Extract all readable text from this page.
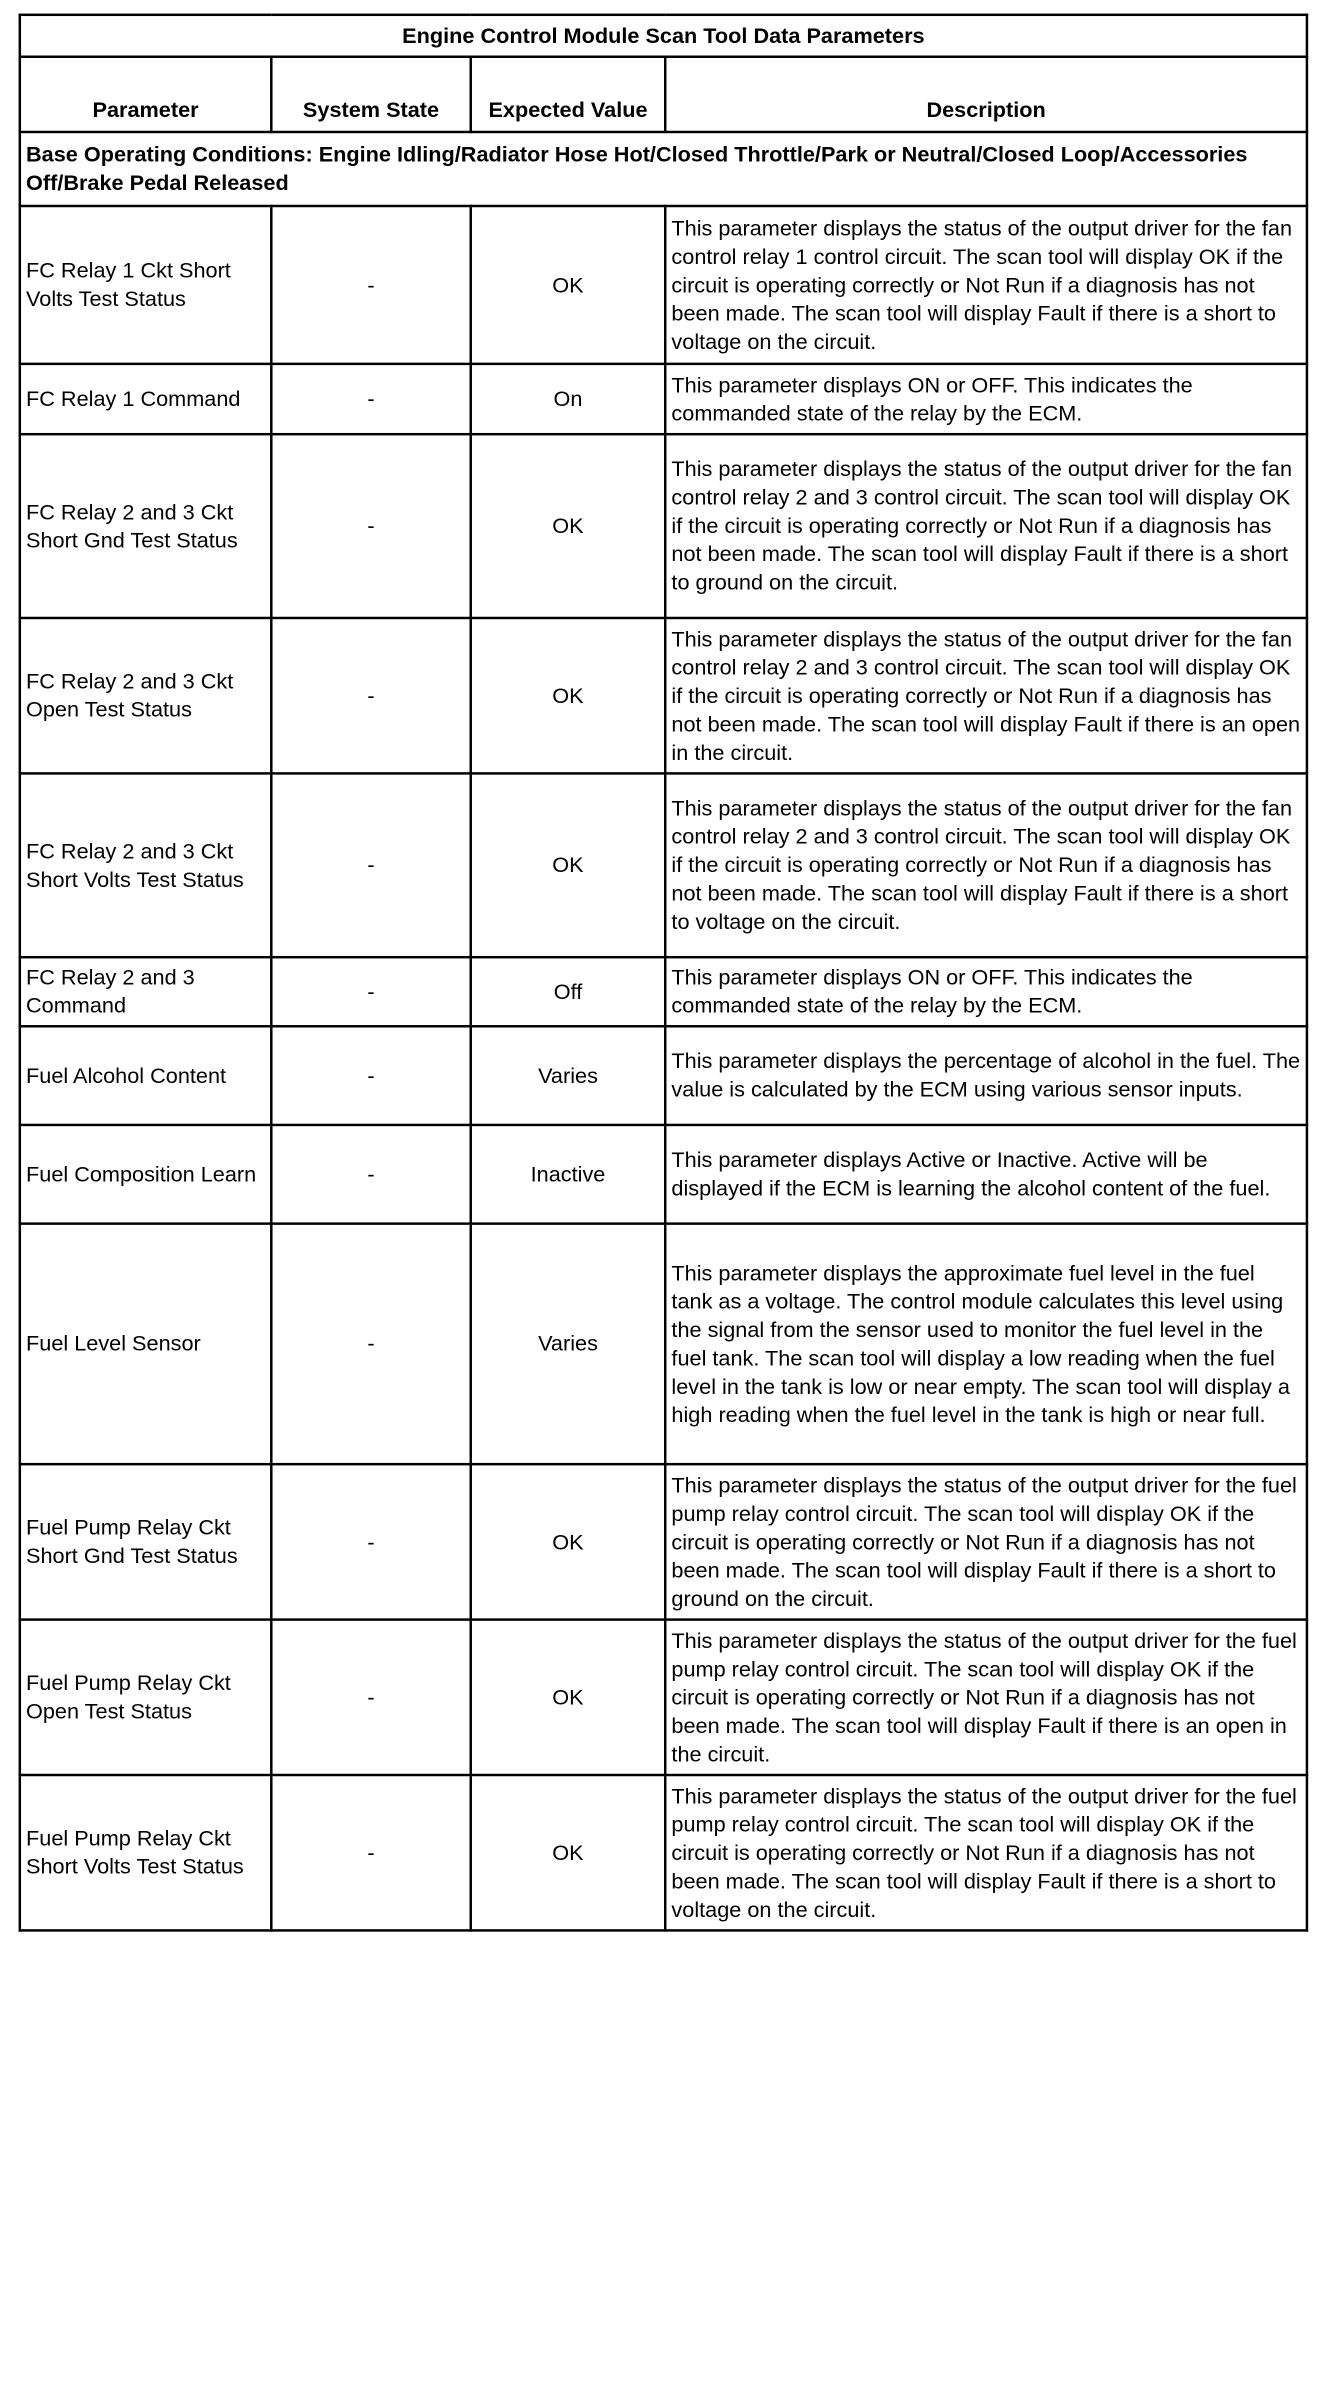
Engine Control Module Scan Tool Data Parameters			
Parameter	System State	Expected Value	Description
Base Operating Conditions: Engine Idling/Radiator Hose Hot/Closed Throttle/Park or Neutral/Closed Loop/Accessories Off/Brake Pedal Released			
FC Relay 1 Ckt Short Volts Test Status	-	OK	This parameter displays the status of the output driver for the fan control relay 1 control circuit. The scan tool will display OK if the circuit is operating correctly or Not Run if a diagnosis has not been made. The scan tool will display Fault if there is a short to voltage on the circuit.
FC Relay 1 Command	-	On	This parameter displays ON or OFF. This indicates the commanded state of the relay by the ECM.
FC Relay 2 and 3 Ckt Short Gnd Test Status	-	OK	This parameter displays the status of the output driver for the fan control relay 2 and 3 control circuit. The scan tool will display OK if the circuit is operating correctly or Not Run if a diagnosis has not been made. The scan tool will display Fault if there is a short to ground on the circuit.
FC Relay 2 and 3 Ckt Open Test Status	-	OK	This parameter displays the status of the output driver for the fan control relay 2 and 3 control circuit. The scan tool will display OK if the circuit is operating correctly or Not Run if a diagnosis has not been made. The scan tool will display Fault if there is an open in the circuit.
FC Relay 2 and 3 Ckt Short Volts Test Status	-	OK	This parameter displays the status of the output driver for the fan control relay 2 and 3 control circuit. The scan tool will display OK if the circuit is operating correctly or Not Run if a diagnosis has not been made. The scan tool will display Fault if there is a short to voltage on the circuit.
FC Relay 2 and 3 Command	-	Off	This parameter displays ON or OFF. This indicates the commanded state of the relay by the ECM.
Fuel Alcohol Content	-	Varies	This parameter displays the percentage of alcohol in the fuel. The value is calculated by the ECM using various sensor inputs.
Fuel Composition Learn	-	Inactive	This parameter displays Active or Inactive. Active will be displayed if the ECM is learning the alcohol content of the fuel.
Fuel Level Sensor	-	Varies	This parameter displays the approximate fuel level in the fuel tank as a voltage. The control module calculates this level using the signal from the sensor used to monitor the fuel level in the fuel tank. The scan tool will display a low reading when the fuel level in the tank is low or near empty. The scan tool will display a high reading when the fuel level in the tank is high or near full.
Fuel Pump Relay Ckt Short Gnd Test Status	-	OK	This parameter displays the status of the output driver for the fuel pump relay control circuit. The scan tool will display OK if the circuit is operating correctly or Not Run if a diagnosis has not been made. The scan tool will display Fault if there is a short to ground on the circuit.
Fuel Pump Relay Ckt Open Test Status	-	OK	This parameter displays the status of the output driver for the fuel pump relay control circuit. The scan tool will display OK if the circuit is operating correctly or Not Run if a diagnosis has not been made. The scan tool will display Fault if there is an open in the circuit.
Fuel Pump Relay Ckt Short Volts Test Status	-	OK	This parameter displays the status of the output driver for the fuel pump relay control circuit. The scan tool will display OK if the circuit is operating correctly or Not Run if a diagnosis has not been made. The scan tool will display Fault if there is a short to voltage on the circuit.
